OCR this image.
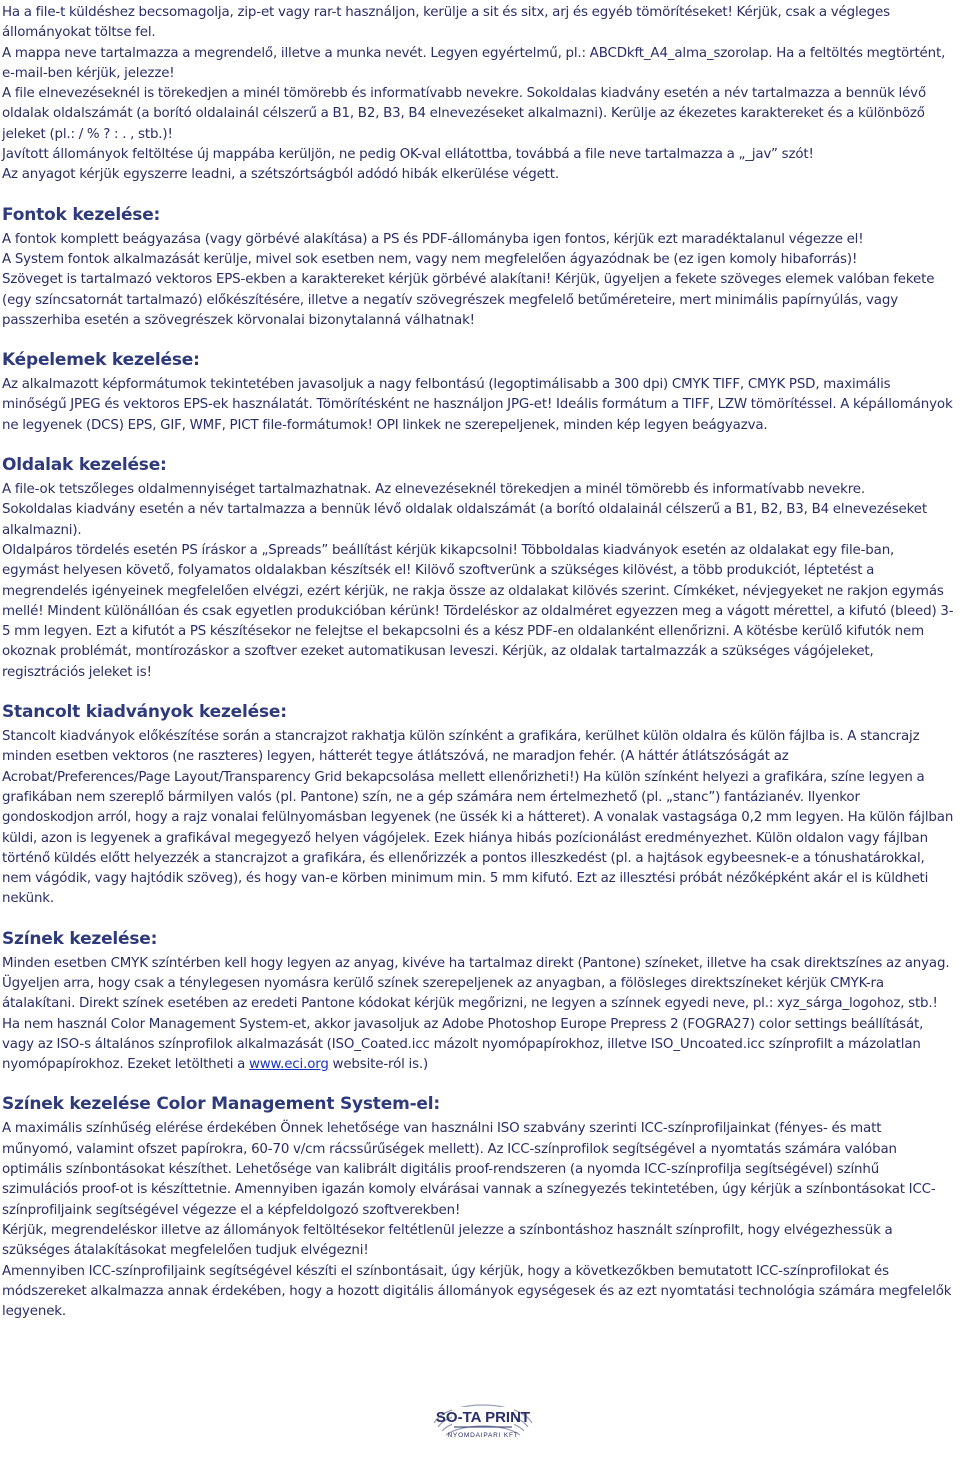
Ha a file-t küldéshez becsomagolja, zip-et vagy rar-t használjon, kerülje a sit és sitx, arj és egyéb tömörítéseket! Kérjük, csak a végleges állományokat töltse fel.

A mappa neve tartalmazza a megrendelő, illetve a munka nevét. Legyen egyértelmű, pl.: ABCDkft_A4_alma_szorolap. Ha a feltöltés megtörtént, e-mail-ben kérjük, jelezze!

A file elnevezéseknél is törekedjen a minél tömörebb és informatívabb nevekre. Sokoldalas kiadvány esetén a név tartalmazza a bennük lévő oldalak oldalszámát (a borító oldalainál célszerű a B1, B2, B3, B4 elnevezéseket alkalmazni). Kerülje az ékezetes karaktereket és a különböző jeleket (pl.: / % ? : . , stb.)!

Javított állományok feltöltése új mappába kerüljön, ne pedig OK-val ellátottba, továbbá a file neve tartalmazza a „_jav” szót!

Az anyagot kérjük egyszerre leadni, a szétszórtságból adódó hibák elkerülése végett.

Fontok kezelése:

A fontok komplett beágyazása (vagy görbévé alakítása) a PS és PDF-állományba igen fontos, kérjük ezt maradéktalanul végezze el!

A System fontok alkalmazását kerülje, mivel sok esetben nem, vagy nem megfelelően ágyazódnak be (ez igen komoly hibaforrás)!

Szöveget is tartalmazó vektoros EPS-ekben a karaktereket kérjük görbévé alakítani! Kérjük, ügyeljen a fekete szöveges elemek valóban fekete (egy színcsatornát tartalmazó) előkészítésére, illetve a negatív szövegrészek megfelelő betűméreteire, mert minimális papírnyúlás, vagy passzerhiba esetén a szövegrészek körvonalai bizonytalanná válhatnak!

Képelemek kezelése:

Az alkalmazott képformátumok tekintetében javasoljuk a nagy felbontású (legoptimálisabb a 300 dpi) CMYK TIFF, CMYK PSD, maximális minőségű JPEG és vektoros EPS-ek használatát. Tömörítésként ne használjon JPG-et! Ideális formátum a TIFF, LZW tömörítéssel. A képállományok ne legyenek (DCS) EPS, GIF, WMF, PICT file-formátumok! OPI linkek ne szerepeljenek, minden kép legyen beágyazva.

Oldalak kezelése:

A file-ok tetszőleges oldalmennyiséget tartalmazhatnak. Az elnevezéseknél törekedjen a minél tömörebb és informatívabb nevekre.

Sokoldalas kiadvány esetén a név tartalmazza a bennük lévő oldalak oldalszámát (a borító oldalainál célszerű a B1, B2, B3, B4 elnevezéseket alkalmazni).

Oldalpáros tördelés esetén PS íráskor a „Spreads” beállítást kérjük kikapcsolni! Többoldalas kiadványok esetén az oldalakat egy file-ban, egymást helyesen követő, folyamatos oldalakban készítsék el! Kilövő szoftverünk a szükséges kilövést, a több produkciót, léptetést a megrendelés igényeinek megfelelően elvégzi, ezért kérjük, ne rakja össze az oldalakat kilövés szerint. Címkéket, névjegyeket ne rakjon egymás mellé! Mindent különállóan és csak egyetlen produkcióban kérünk! Tördeléskor az oldalméret egyezzen meg a vágott mérettel, a kifutó (bleed) 3-5 mm legyen. Ezt a kifutót a PS készítésekor ne felejtse el bekapcsolni és a kész PDF-en oldalanként ellenőrizni. A kötésbe kerülő kifutók nem okoznak problémát, montírozáskor a szoftver ezeket automatikusan leveszi. Kérjük, az oldalak tartalmazzák a szükséges vágójeleket, regisztrációs jeleket is!

Stancolt kiadványok kezelése:

Stancolt kiadványok előkészítése során a stancrajzot rakhatja külön színként a grafikára, kerülhet külön oldalra és külön fájlba is. A stancrajz minden esetben vektoros (ne raszteres) legyen, hátterét tegye átlátszóvá, ne maradjon fehér. (A háttér átlátszóságát az Acrobat/Preferences/Page Layout/Transparency Grid bekapcsolása mellett ellenőrizheti!) Ha külön színként helyezi a grafikára, színe legyen a grafikában nem szereplő bármilyen valós (pl. Pantone) szín, ne a gép számára nem értelmezhető (pl. „stanc”) fantázianév. Ilyenkor gondoskodjon arról, hogy a rajz vonalai felülnyomásban legyenek (ne üssék ki a hátteret). A vonalak vastagsága 0,2 mm legyen. Ha külön fájlban küldi, azon is legyenek a grafikával megegyező helyen vágójelek. Ezek hiánya hibás pozícionálást eredményezhet. Külön oldalon vagy fájlban történő küldés előtt helyezzék a stancrajzot a grafikára, és ellenőrizzék a pontos illeszkedést (pl. a hajtások egybeesnek-e a tónushatárokkal, nem vágódik, vagy hajtódik szöveg), és hogy van-e körben minimum min. 5 mm kifutó. Ezt az illesztési próbát nézőképként akár el is küldheti nekünk.

Színek kezelése:

Minden esetben CMYK színtérben kell hogy legyen az anyag, kivéve ha tartalmaz direkt (Pantone) színeket, illetve ha csak direktszínes az anyag. Ügyeljen arra, hogy csak a ténylegesen nyomásra kerülő színek szerepeljenek az anyagban, a fölösleges direktszíneket kérjük CMYK-ra átalakítani. Direkt színek esetében az eredeti Pantone kódokat kérjük megőrizni, ne legyen a színnek egyedi neve, pl.: xyz_sárga_logohoz, stb.!

Ha nem használ Color Management System-et, akkor javasoljuk az Adobe Photoshop Europe Prepress 2 (FOGRA27) color settings beállítását, vagy az ISO-s általános színprofilok alkalmazását (ISO_Coated.icc mázolt nyomópapírokhoz, illetve ISO_Uncoated.icc színprofilt a mázolatlan nyomópapírokhoz. Ezeket letöltheti a www.eci.org website-ról is.)

Színek kezelése Color Management System-el:

A maximális színhűség elérése érdekében Önnek lehetősége van használni ISO szabvány szerinti ICC-színprofiljainkat (fényes- és matt műnyomó, valamint ofszet papírokra, 60-70 v/cm rácssűrűségek mellett). Az ICC-színprofilok segítségével a nyomtatás számára valóban optimális színbontásokat készíthet. Lehetősége van kalibrált digitális proof-rendszeren (a nyomda ICC-színprofilja segítségével) színhű szimulációs proof-ot is készíttetnie. Amennyiben igazán komoly elvárásai vannak a színegyezés tekintetében, úgy kérjük a színbontásokat ICC-színprofiljaink segítségével végezze el a képfeldolgozó szoftverekben!

Kérjük, megrendeléskor illetve az állományok feltöltésekor feltétlenül jelezze a színbontáshoz használt színprofilt, hogy elvégezhessük a szükséges átalakításokat megfelelően tudjuk elvégezni!

Amennyiben ICC-színprofiljaink segítségével készíti el színbontásait, úgy kérjük, hogy a következőkben bemutatott ICC-színprofilokat és módszereket alkalmazza annak érdekében, hogy a hozott digitális állományok egységesek és az ezt nyomtatási technológia számára megfelelők legyenek.

SO-TA PRINT
NYOMDAIPARI KFT
